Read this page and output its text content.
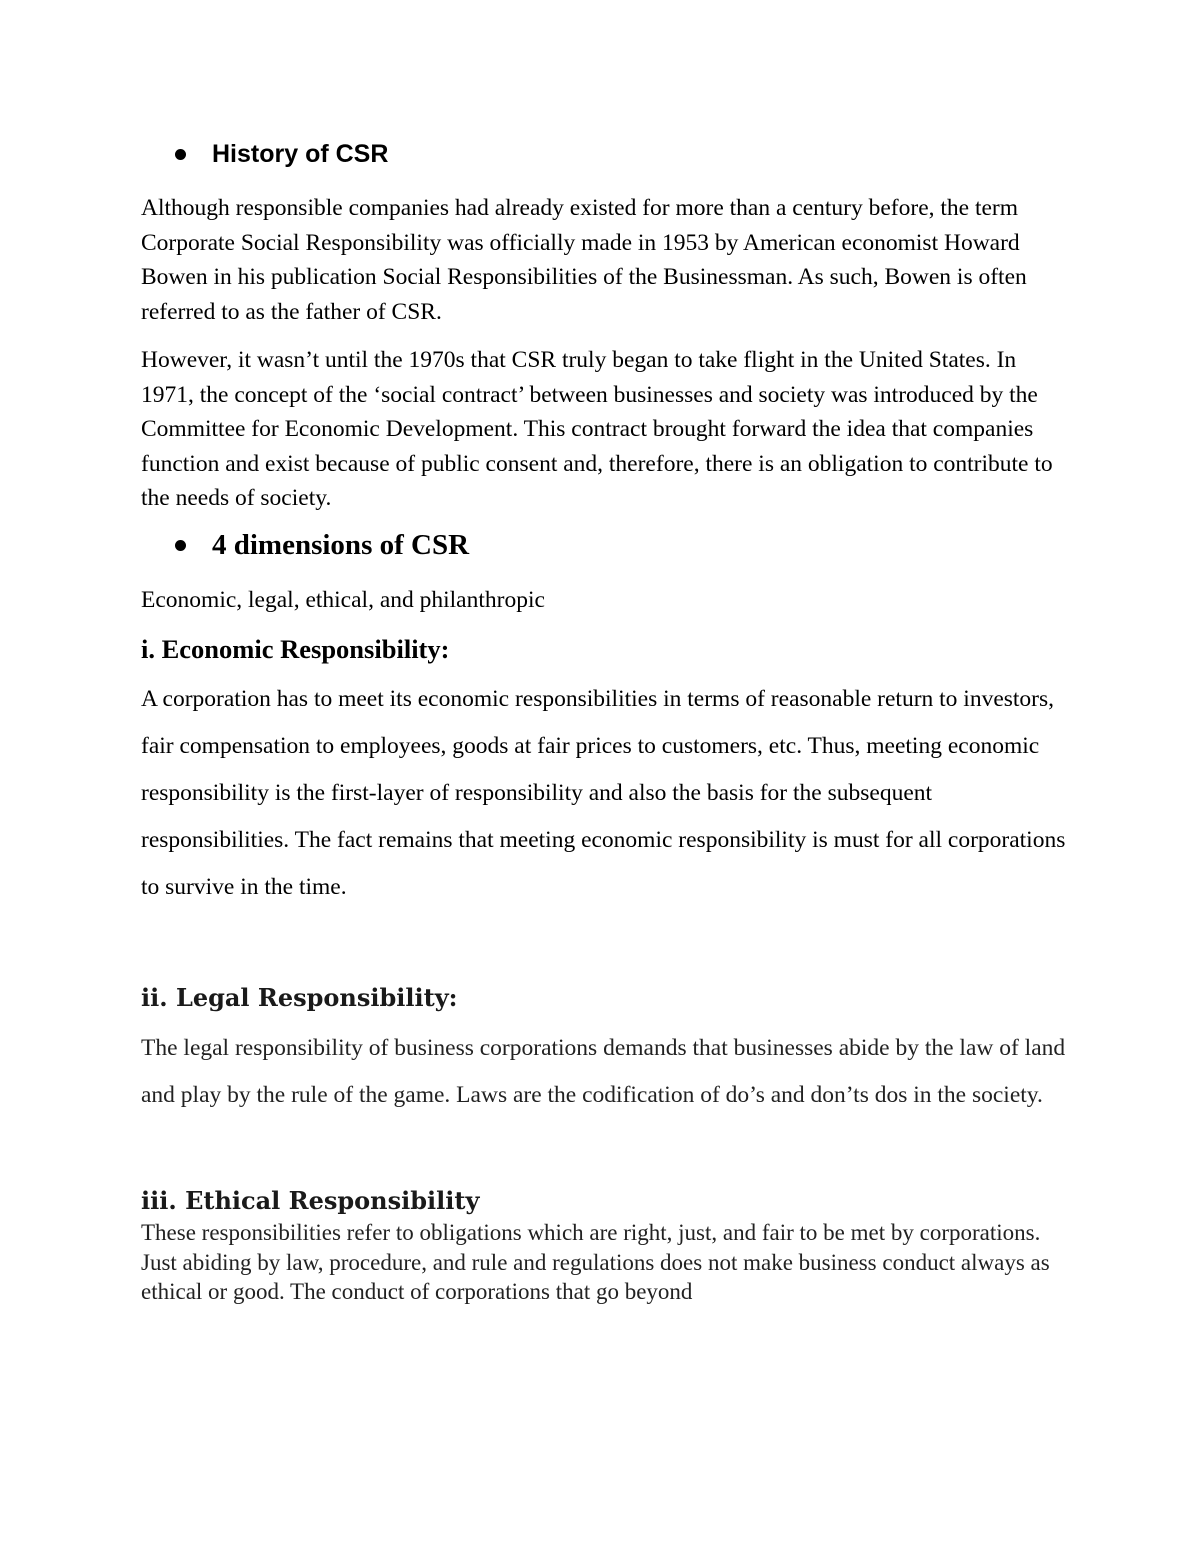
History of CSR

Although responsible companies had already existed for more than a century before, the term Corporate Social Responsibility was officially made in 1953 by American economist Howard Bowen in his publication Social Responsibilities of the Businessman. As such, Bowen is often referred to as the father of CSR.

However, it wasn’t until the 1970s that CSR truly began to take flight in the United States. In 1971, the concept of the ‘social contract’ between businesses and society was introduced by the Committee for Economic Development. This contract brought forward the idea that companies function and exist because of public consent and, therefore, there is an obligation to contribute to the needs of society.

4 dimensions of CSR

Economic, legal, ethical, and philanthropic

i. Economic Responsibility:

A corporation has to meet its economic responsibilities in terms of reasonable return to investors, fair compensation to employees, goods at fair prices to customers, etc. Thus, meeting economic responsibility is the first-layer of responsibility and also the basis for the subsequent responsibilities. The fact remains that meeting economic responsibility is must for all corporations to survive in the time.

ii. Legal Responsibility:

The legal responsibility of business corporations demands that businesses abide by the law of land and play by the rule of the game. Laws are the codification of do’s and don’ts dos in the society.

iii. Ethical Responsibility

These responsibilities refer to obligations which are right, just, and fair to be met by corporations. Just abiding by law, procedure, and rule and regulations does not make business conduct always as ethical or good. The conduct of corporations that go beyond
